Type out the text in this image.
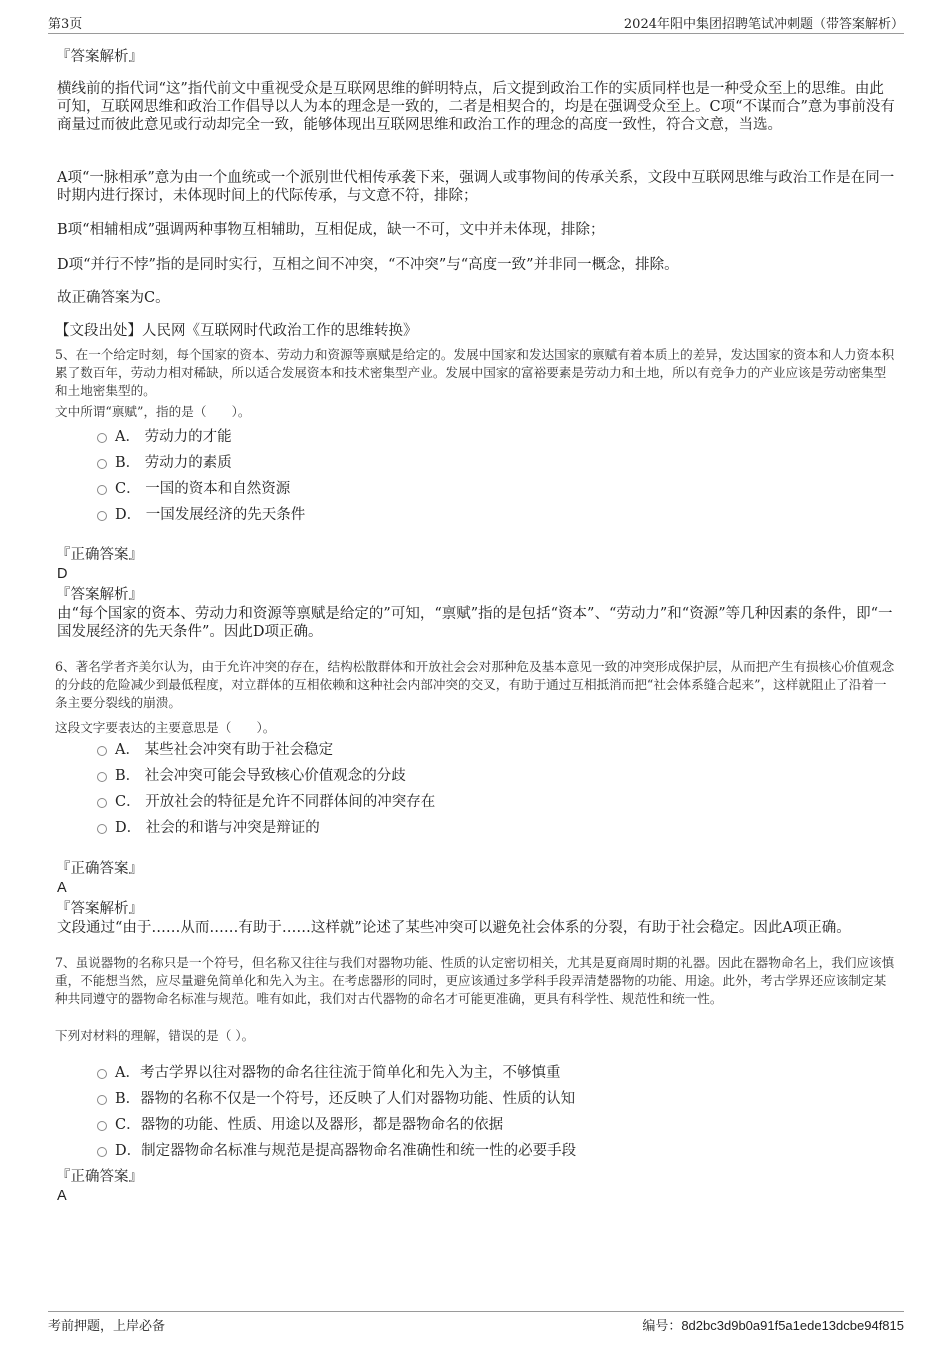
第3页	2024年阳中集团招聘笔试冲刺题（带答案解析）
『答案解析』
横线前的指代词“这”指代前文中重视受众是互联网思维的鲜明特点，后文提到政治工作的实质同样也是一种受众至上的思维。由此可知，互联网思维和政治工作倡导以人为本的理念是一致的，二者是相契合的，均是在强调受众至上。C项“不谋而合”意为事前没有商量过而彼此意见或行动却完全一致，能够体现出互联网思维和政治工作的理念的高度一致性，符合文意，当选。
A项“一脉相承”意为由一个血统或一个派别世代相传承袭下来，强调人或事物间的传承关系，文段中互联网思维与政治工作是在同一时期内进行探讨，未体现时间上的代际传承，与文意不符，排除；
B项“相辅相成”强调两种事物互相辅助，互相促成，缺一不可，文中并未体现，排除；
D项“并行不悖”指的是同时实行，互相之间不冲突，“不冲突”与“高度一致”并非同一概念，排除。
故正确答案为C。
【文段出处】人民网《互联网时代政治工作的思维转换》
5、在一个给定时刻，每个国家的资本、劳动力和资源等禀赋是给定的。发展中国家和发达国家的禀赋有着本质上的差异，发达国家的资本和人力资本积累了数百年，劳动力相对稀缺，所以适合发展资本和技术密集型产业。发展中国家的富裕要素是劳动力和土地，所以有竞争力的产业应该是劳动密集型和土地密集型的。
文中所谓“禀赋”，指的是（　　）。
A． 劳动力的才能
B． 劳动力的素质
C． 一国的资本和自然资源
D． 一国发展经济的先天条件
『正确答案』
D
『答案解析』
由“每个国家的资本、劳动力和资源等禀赋是给定的”可知，“禀赋”指的是包括“资本”、“劳动力”和“资源”等几种因素的条件，即“一国发展经济的先天条件”。因此D项正确。
6、著名学者齐美尔认为，由于允许冲突的存在，结构松散群体和开放社会会对那种危及基本意见一致的冲突形成保护层，从而把产生有损核心价值观念的分歧的危险减少到最低程度，对立群体的互相依赖和这种社会内部冲突的交叉，有助于通过互相抵消而把“社会体系缝合起来”，这样就阻止了沿着一条主要分裂线的崩溃。
这段文字要表达的主要意思是（　　）。
A． 某些社会冲突有助于社会稳定
B． 社会冲突可能会导致核心价值观念的分歧
C． 开放社会的特征是允许不同群体间的冲突存在
D． 社会的和谐与冲突是辩证的
『正确答案』
A
『答案解析』
文段通过“由于……从而……有助于……这样就”论述了某些冲突可以避免社会体系的分裂，有助于社会稳定。因此A项正确。
7、虽说器物的名称只是一个符号，但名称又往往与我们对器物功能、性质的认定密切相关，尤其是夏商周时期的礼器。因此在器物命名上，我们应该慎重，不能想当然，应尽量避免简单化和先入为主。在考虑器形的同时，更应该通过多学科手段弄清楚器物的功能、用途。此外，考古学界还应该制定某种共同遵守的器物命名标准与规范。唯有如此，我们对古代器物的命名才可能更准确，更具有科学性、规范性和统一性。
下列对材料的理解，错误的是（ ）。
A．考古学界以往对器物的命名往往流于简单化和先入为主，不够慎重
B．器物的名称不仅是一个符号，还反映了人们对器物功能、性质的认知
C．器物的功能、性质、用途以及器形，都是器物命名的依据
D．制定器物命名标准与规范是提高器物命名准确性和统一性的必要手段
『正确答案』
A
考前押题，上岸必备	编号：8d2bc3d9b0a91f5a1ede13dcbe94f815
